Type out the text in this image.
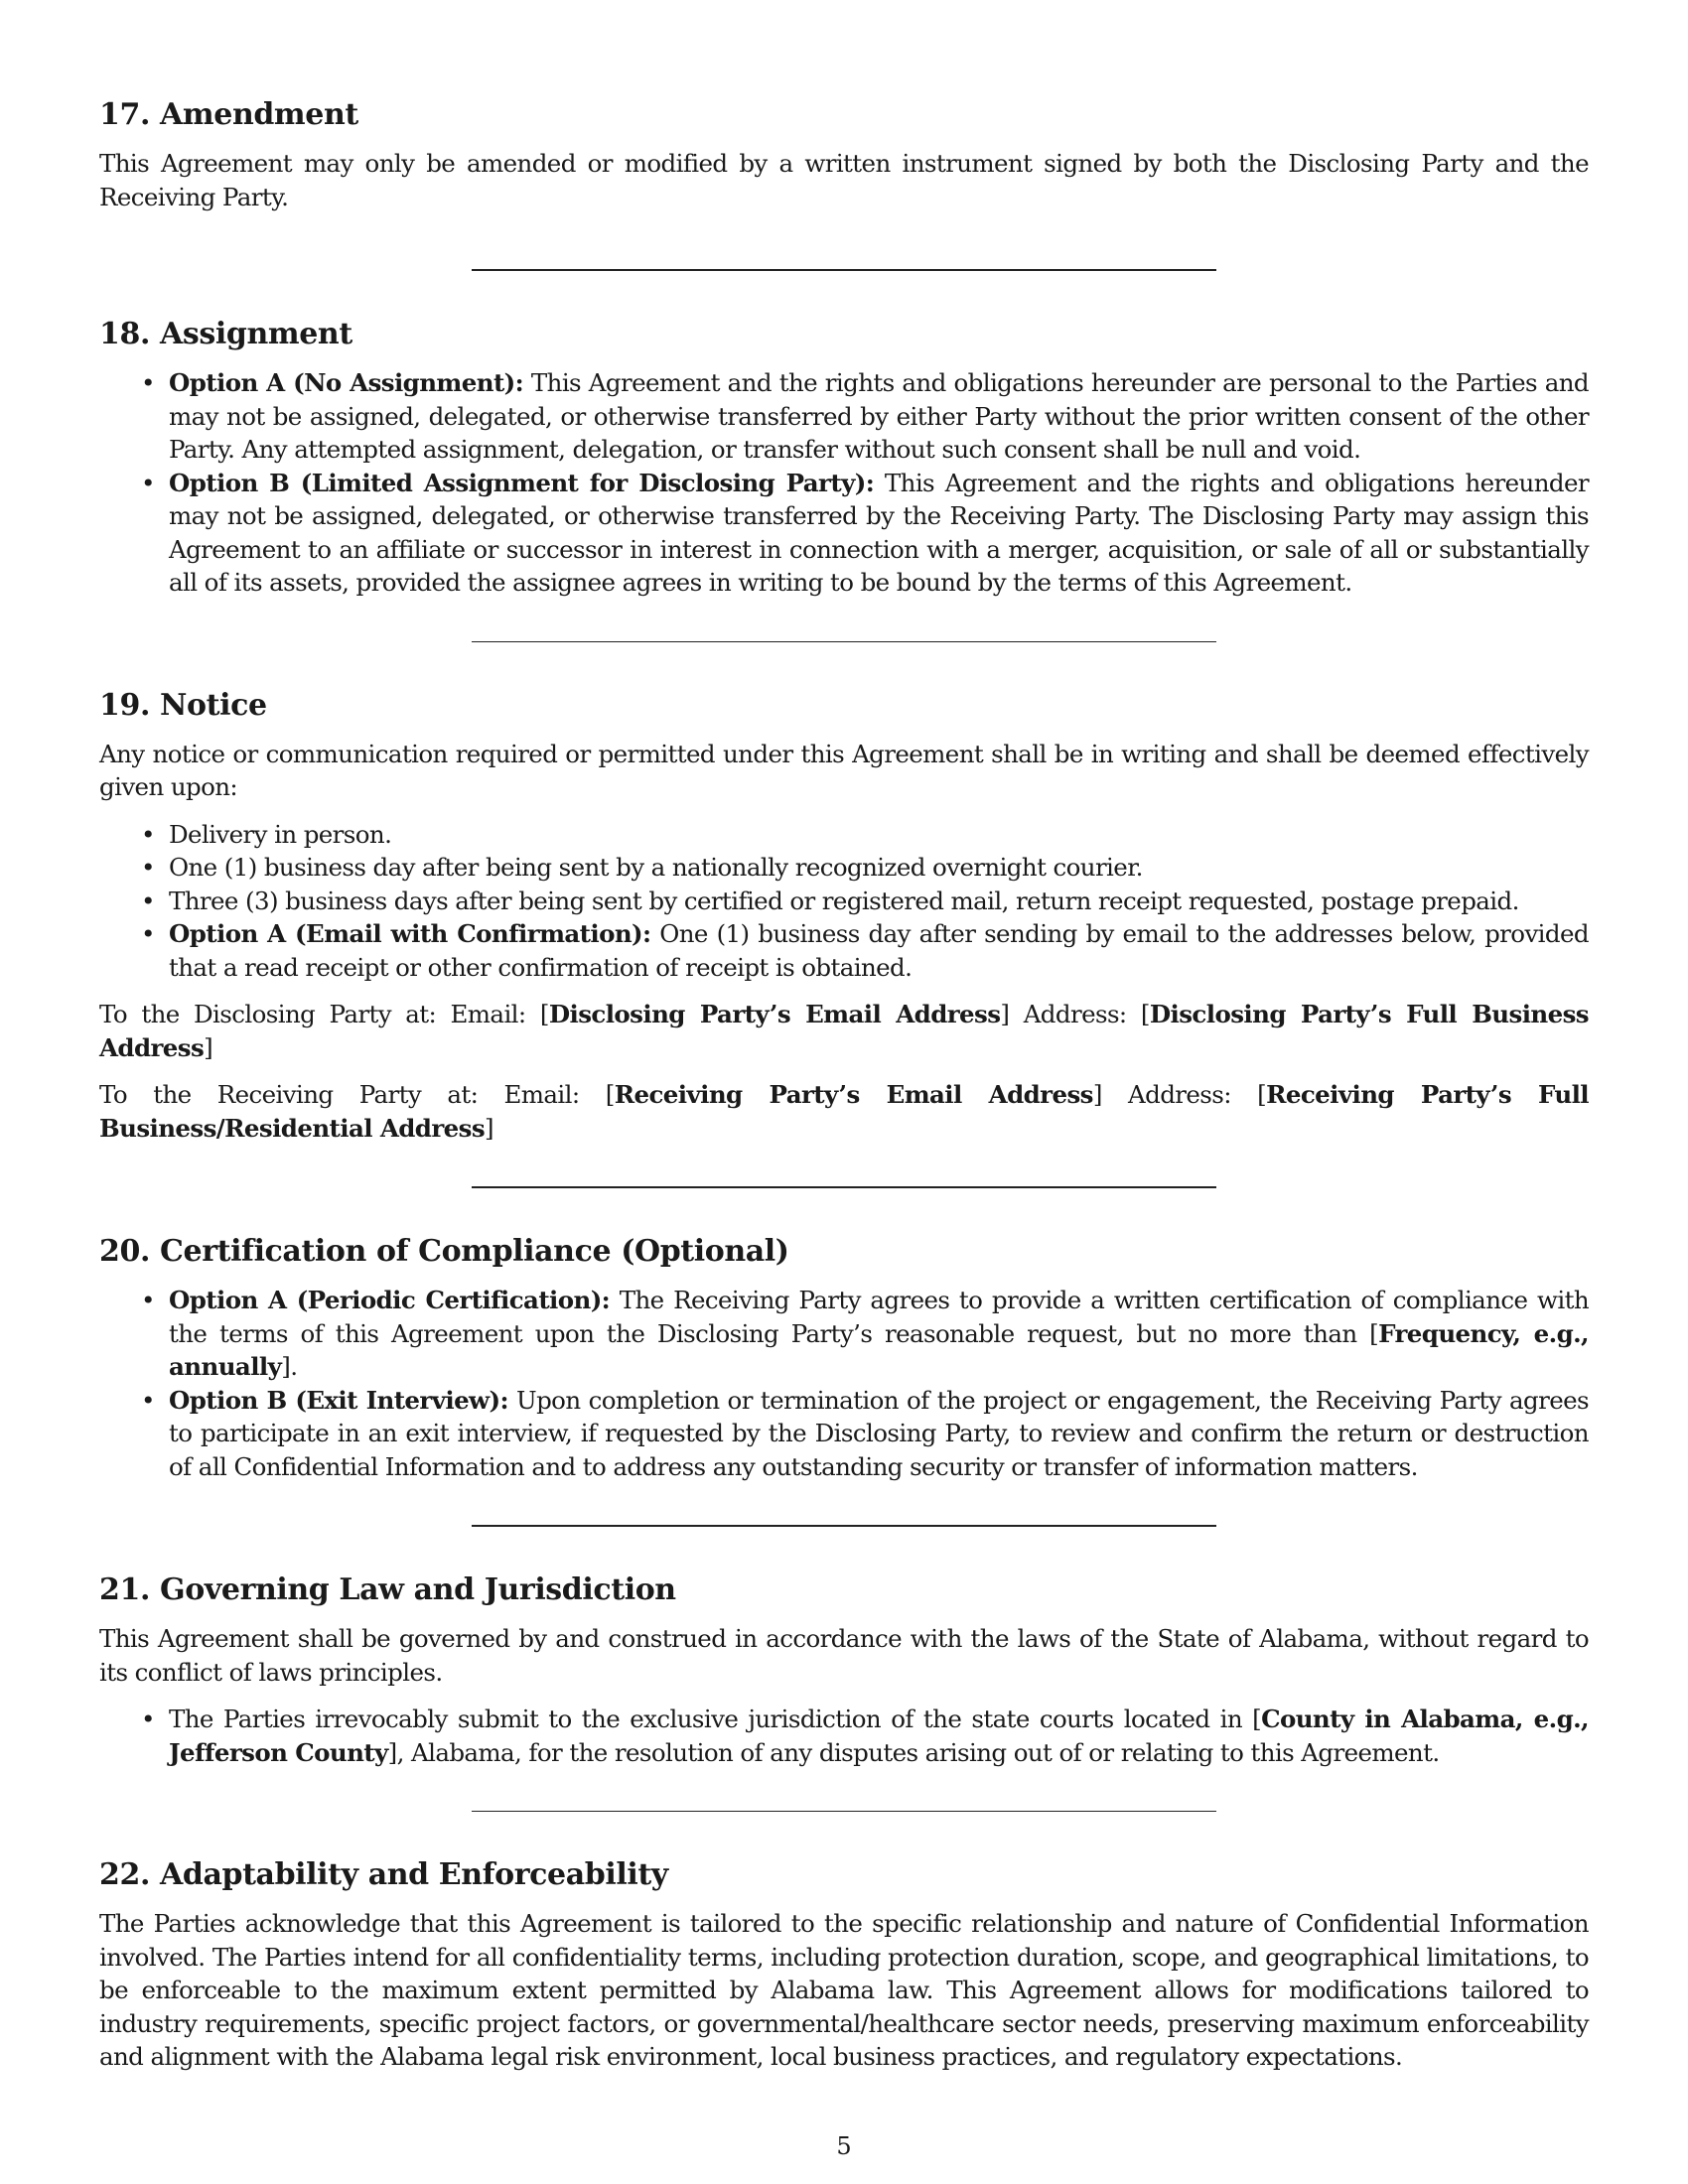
17. Amendment

This Agreement may only be amended or modified by a written instrument signed by both the Disclosing Party and the Receiving Party.

18. Assignment
• Option A (No Assignment): This Agreement and the rights and obligations hereunder are personal to the Parties and may not be assigned, delegated, or otherwise transferred by either Party without the prior written consent of the other Party. Any attempted assignment, delegation, or transfer without such consent shall be null and void.
• Option B (Limited Assignment for Disclosing Party): This Agreement and the rights and obligations hereunder may not be assigned, delegated, or otherwise transferred by the Receiving Party. The Disclosing Party may assign this Agreement to an affiliate or successor in interest in connection with a merger, acquisition, or sale of all or substantially all of its assets, provided the assignee agrees in writing to be bound by the terms of this Agreement.
19. Notice

Any notice or communication required or permitted under this Agreement shall be in writing and shall be deemed effectively given upon:

• Delivery in person.
• One (1) business day after being sent by a nationally recognized overnight courier.
• Three (3) business days after being sent by certified or registered mail, return receipt requested, postage prepaid.
• Option A (Email with Confirmation): One (1) business day after sending by email to the addresses below, provided that a read receipt or other confirmation of receipt is obtained.

To the Disclosing Party at: Email: [Disclosing Party’s Email Address] Address: [Disclosing Party’s Full Business Address]

To the Receiving Party at: Email: [Receiving Party’s Email Address] Address: [Receiving Party’s Full Business/Residential Address]

20. Certification of Compliance (Optional)
• Option A (Periodic Certification): The Receiving Party agrees to provide a written certification of compliance with the terms of this Agreement upon the Disclosing Party’s reasonable request, but no more than [Frequency, e.g., annually].
• Option B (Exit Interview): Upon completion or termination of the project or engagement, the Receiving Party agrees to participate in an exit interview, if requested by the Disclosing Party, to review and confirm the return or destruction of all Confidential Information and to address any outstanding security or transfer of information matters.
21. Governing Law and Jurisdiction

This Agreement shall be governed by and construed in accordance with the laws of the State of Alabama, without regard to its conflict of laws principles.

• The Parties irrevocably submit to the exclusive jurisdiction of the state courts located in [County in Alabama, e.g., Jefferson County], Alabama, for the resolution of any disputes arising out of or relating to this Agreement.
22. Adaptability and Enforceability

The Parties acknowledge that this Agreement is tailored to the specific relationship and nature of Confidential Information involved. The Parties intend for all confidentiality terms, including protection duration, scope, and geographical limitations, to be enforceable to the maximum extent permitted by Alabama law. This Agreement allows for modifications tailored to industry requirements, specific project factors, or governmental/healthcare sector needs, preserving maximum enforceability and alignment with the Alabama legal risk environment, local business practices, and regulatory expectations.

5
